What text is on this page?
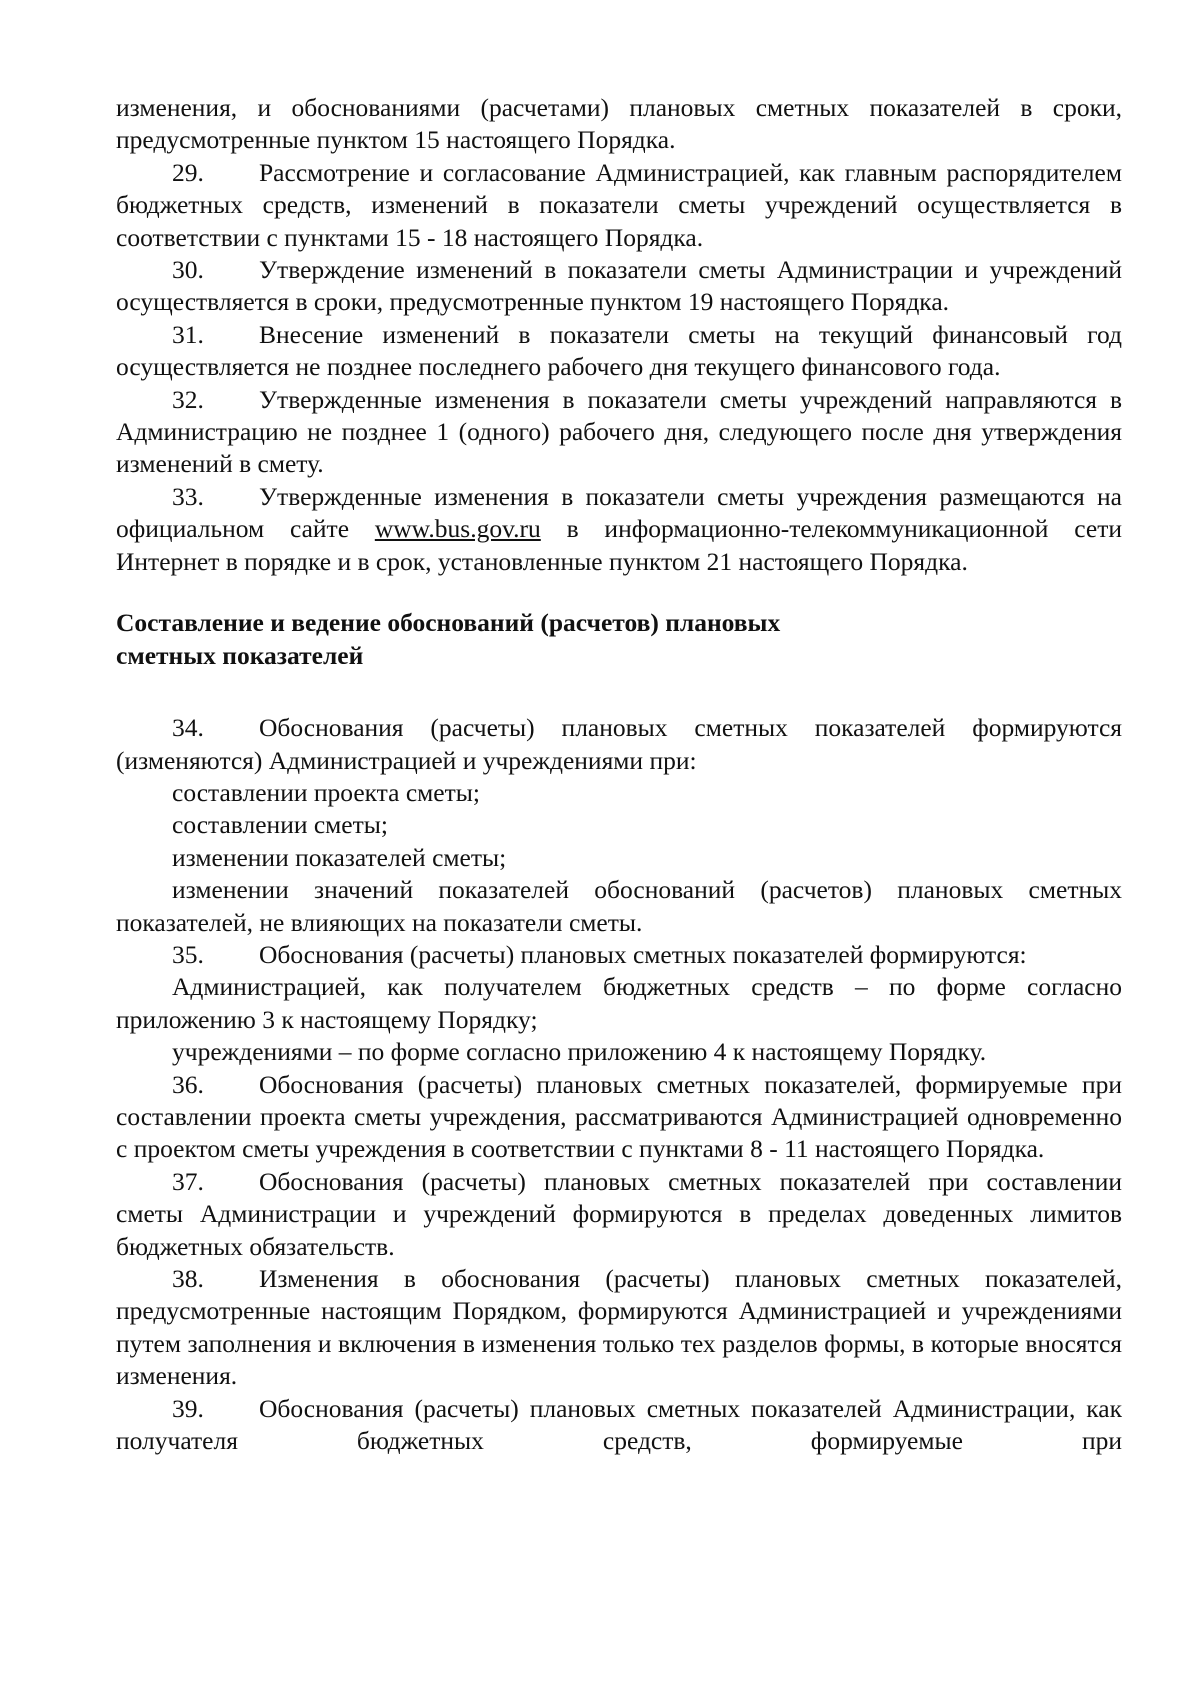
изменения, и обоснованиями (расчетами) плановых сметных показателей в сроки, предусмотренные пунктом 15 настоящего Порядка.

29. Рассмотрение и согласование Администрацией, как главным распорядителем бюджетных средств, изменений в показатели сметы учреждений осуществляется в соответствии с пунктами 15 - 18 настоящего Порядка.

30. Утверждение изменений в показатели сметы Администрации и учреждений осуществляется в сроки, предусмотренные пунктом 19 настоящего Порядка.

31. Внесение изменений в показатели сметы на текущий финансовый год осуществляется не позднее последнего рабочего дня текущего финансового года.

32. Утвержденные изменения в показатели сметы учреждений направляются в Администрацию не позднее 1 (одного) рабочего дня, следующего после дня утверждения изменений в смету.

33. Утвержденные изменения в показатели сметы учреждения размещаются на официальном сайте www.bus.gov.ru в информационно-телекоммуникационной сети Интернет в порядке и в срок, установленные пунктом 21 настоящего Порядка.

Составление и ведение обоснований (расчетов) плановых

сметных показателей

34. Обоснования (расчеты) плановых сметных показателей формируются (изменяются) Администрацией и учреждениями при:

составлении проекта сметы;

составлении сметы;

изменении показателей сметы;

изменении значений показателей обоснований (расчетов) плановых сметных показателей, не влияющих на показатели сметы.

35. Обоснования (расчеты) плановых сметных показателей формируются:

Администрацией, как получателем бюджетных средств – по форме согласно приложению 3 к настоящему Порядку;

учреждениями – по форме согласно приложению 4 к настоящему Порядку.

36. Обоснования (расчеты) плановых сметных показателей, формируемые при составлении проекта сметы учреждения, рассматриваются Администрацией одновременно с проектом сметы учреждения в соответствии с пунктами 8 - 11 настоящего Порядка.

37. Обоснования (расчеты) плановых сметных показателей при составлении сметы Администрации и учреждений формируются в пределах доведенных лимитов бюджетных обязательств.

38. Изменения в обоснования (расчеты) плановых сметных показателей, предусмотренные настоящим Порядком, формируются Администрацией и учреждениями путем заполнения и включения в изменения только тех разделов формы, в которые вносятся изменения.

39. Обоснования (расчеты) плановых сметных показателей Администрации, как получателя бюджетных средств, формируемые при
